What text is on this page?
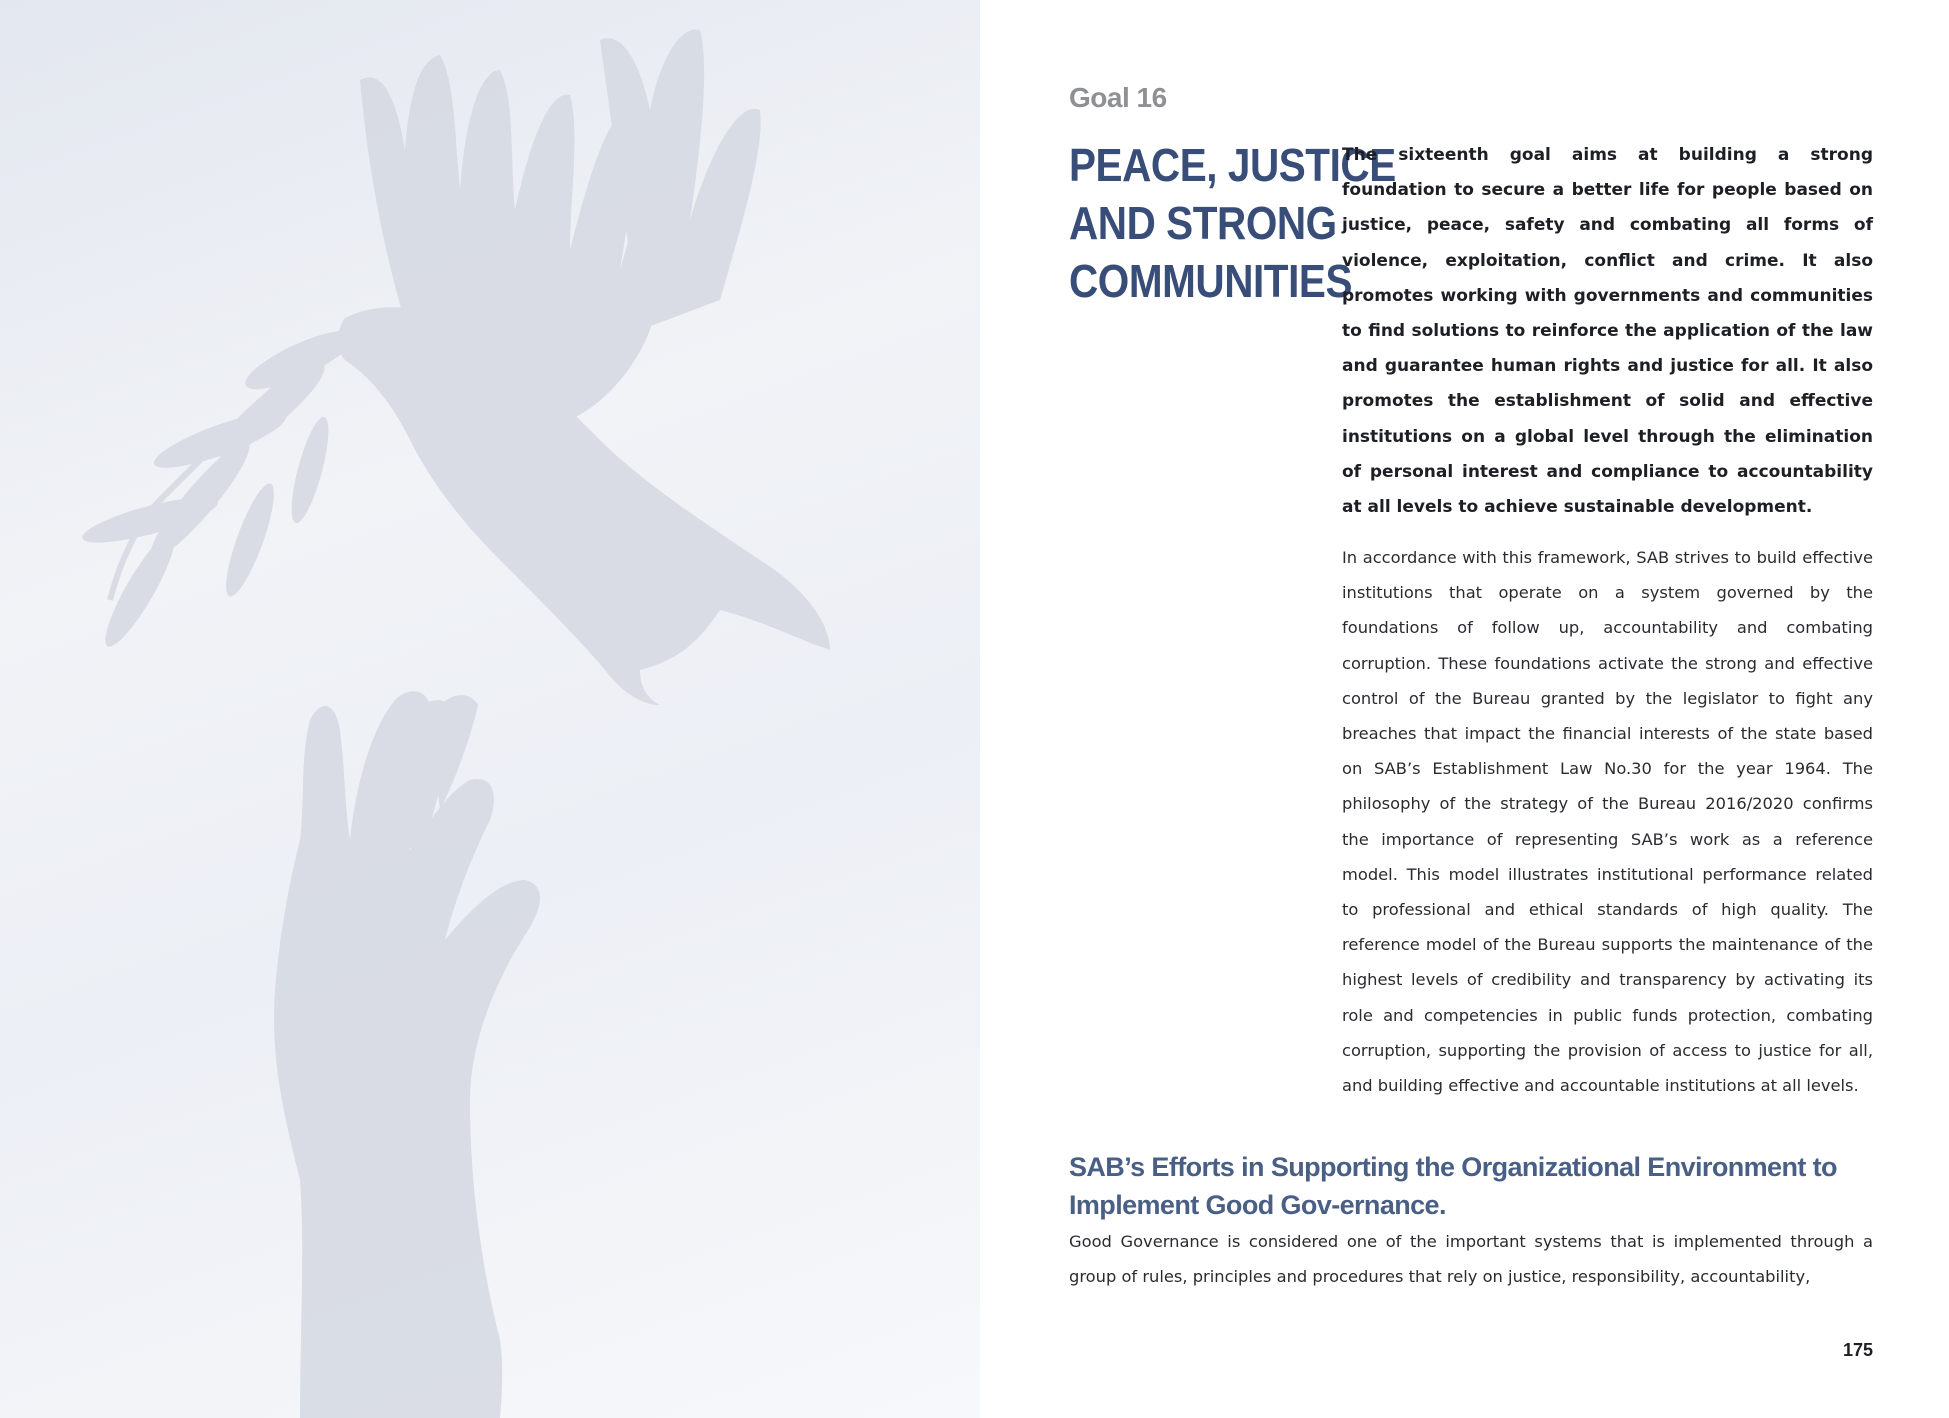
Goal 16
PEACE, JUSTICE
AND STRONG
COMMUNITIES

The sixteenth goal aims at building a strong foundation to secure a better life for people based on justice, peace, safety and combating all forms of violence, exploitation, conflict and crime. It also promotes working with governments and communities to find solutions to reinforce the application of the law and guarantee human rights and justice for all. It also promotes the establishment of solid and effective institutions on a global level through the elimination of personal interest and compliance to accountability at all levels to achieve sustainable development.

In accordance with this framework, SAB strives to build effective institutions that operate on a system governed by the foundations of follow up, accountability and combating corruption. These foundations activate the strong and effective control of the Bureau granted by the legislator to fight any breaches that impact the financial interests of the state based on SAB’s Establishment Law No.30 for the year 1964. The philosophy of the strategy of the Bureau 2016/2020 confirms the importance of representing SAB’s work as a reference model. This model illustrates institutional performance related to professional and ethical standards of high quality. The reference model of the Bureau supports the maintenance of the highest levels of credibility and transparency by activating its role and competencies in public funds protection, combating corruption, supporting the provision of access to justice for all, and building effective and accountable institutions at all levels.

SAB’s Efforts in Supporting the Organizational Environment to Implement Good Gov-ernance.

Good Governance is considered one of the important systems that is implemented through a group of rules, principles and procedures that rely on justice, responsibility, accountability,

175
